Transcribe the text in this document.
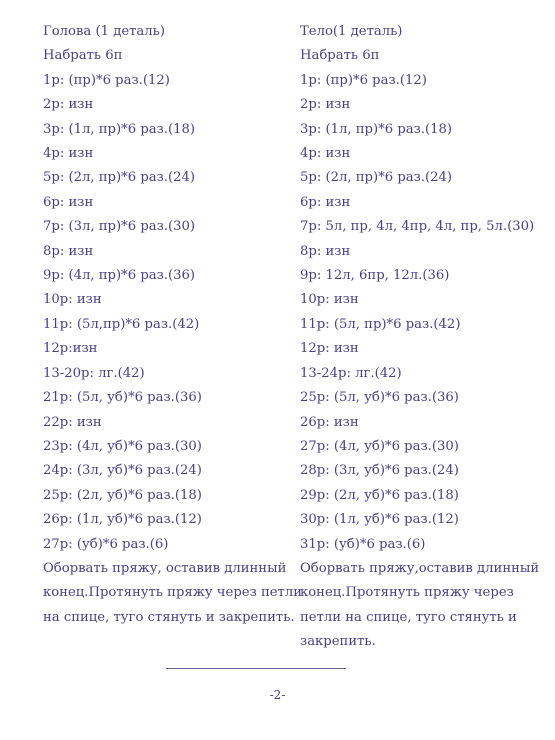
Голова (1 деталь)
Набрать 6п
1р: (пр)*6 раз.(12)
2р: изн
3р: (1л, пр)*6 раз.(18)
4р: изн
5р: (2л, пр)*6 раз.(24)
6р: изн
7р: (3л, пр)*6 раз.(30)
8р: изн
9р: (4л, пр)*6 раз.(36)
10р: изн
11р: (5л,пр)*6 раз.(42)
12р:изн
13-20р: лг.(42)
21р: (5л, уб)*6 раз.(36)
22р: изн
23р: (4л, уб)*6 раз.(30)
24р: (3л, уб)*6 раз.(24)
25р: (2л, уб)*6 раз.(18)
26р: (1л, уб)*6 раз.(12)
27р: (уб)*6 раз.(6)
Оборвать пряжу, оставив длинный конец.Протянуть пряжу через петли на спице, туго стянуть и закрепить.
Тело(1 деталь)
Набрать 6п
1р: (пр)*6 раз.(12)
2р: изн
3р: (1л, пр)*6 раз.(18)
4р: изн
5р: (2л, пр)*6 раз.(24)
6р: изн
7р: 5л, пр, 4л, 4пр, 4л, пр, 5л.(30)
8р: изн
9р: 12л, 6пр, 12л.(36)
10р: изн
11р: (5л, пр)*6 раз.(42)
12р: изн
13-24р: лг.(42)
25р: (5л, уб)*6 раз.(36)
26р: изн
27р: (4л, уб)*6 раз.(30)
28р: (3л, уб)*6 раз.(24)
29р: (2л, уб)*6 раз.(18)
30р: (1л, уб)*6 раз.(12)
31р: (уб)*6 раз.(6)
Оборвать пряжу,оставив длинный конец.Протянуть пряжу через петли на спице, туго стянуть и закрепить.
-2-
